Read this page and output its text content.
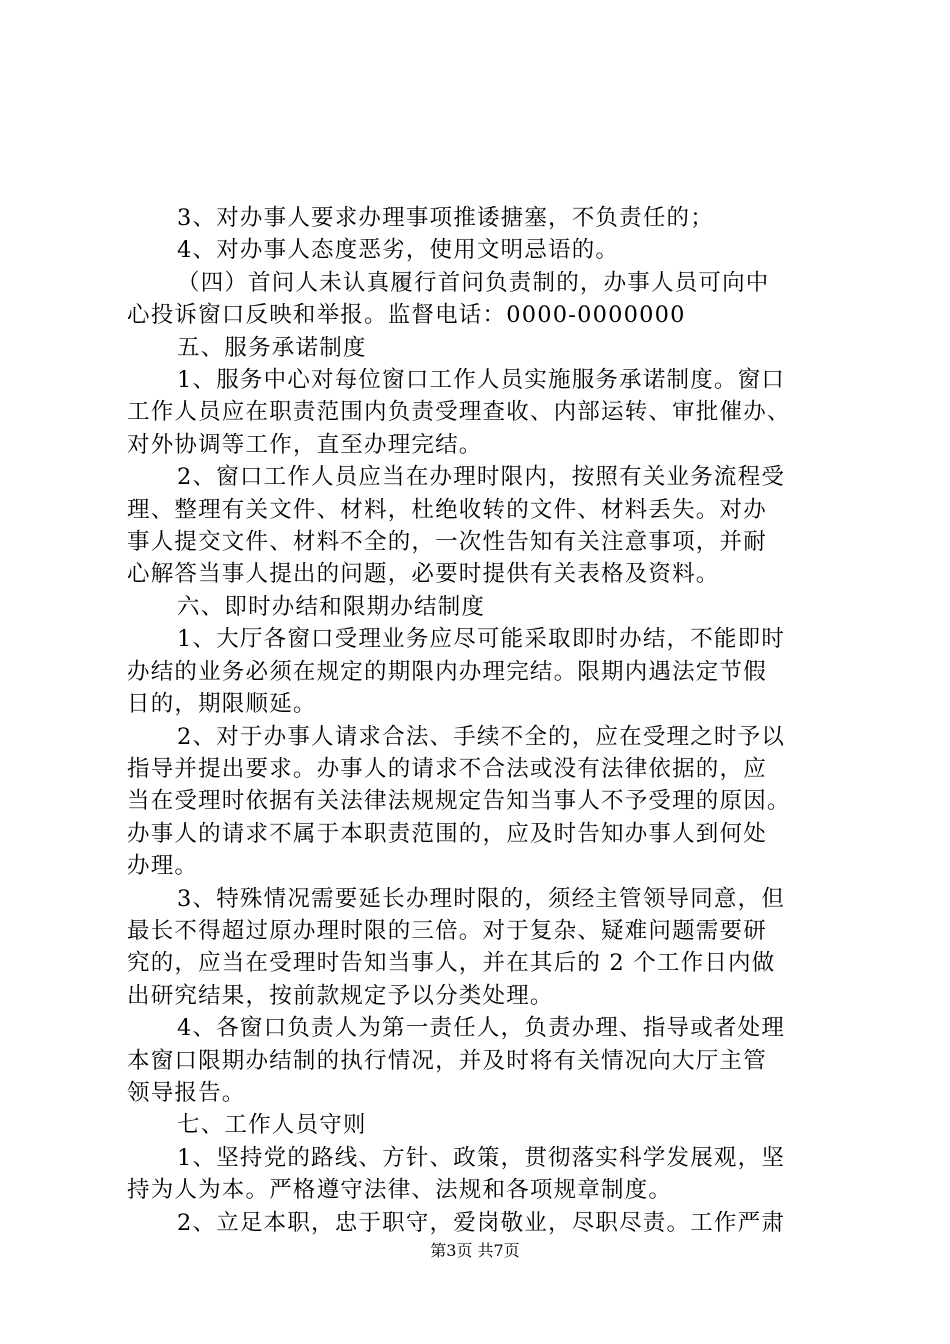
3、对办事人要求办理事项推诿搪塞，不负责任的；

4、对办事人态度恶劣，使用文明忌语的。

（四）首问人未认真履行首问负责制的，办事人员可向中

心投诉窗口反映和举报。监督电话：0000-0000000

五、服务承诺制度

1、服务中心对每位窗口工作人员实施服务承诺制度。窗口

工作人员应在职责范围内负责受理查收、内部运转、审批催办、

对外协调等工作，直至办理完结。

2、窗口工作人员应当在办理时限内，按照有关业务流程受

理、整理有关文件、材料，杜绝收转的文件、材料丢失。对办

事人提交文件、材料不全的，一次性告知有关注意事项，并耐

心解答当事人提出的问题，必要时提供有关表格及资料。

六、即时办结和限期办结制度

1、大厅各窗口受理业务应尽可能采取即时办结，不能即时

办结的业务必须在规定的期限内办理完结。限期内遇法定节假

日的，期限顺延。

2、对于办事人请求合法、手续不全的，应在受理之时予以

指导并提出要求。办事人的请求不合法或没有法律依据的，应

当在受理时依据有关法律法规规定告知当事人不予受理的原因。

办事人的请求不属于本职责范围的，应及时告知办事人到何处

办理。

3、特殊情况需要延长办理时限的，须经主管领导同意，但

最长不得超过原办理时限的三倍。对于复杂、疑难问题需要研

究的，应当在受理时告知当事人，并在其后的 2 个工作日内做

出研究结果，按前款规定予以分类处理。

4、各窗口负责人为第一责任人，负责办理、指导或者处理

本窗口限期办结制的执行情况，并及时将有关情况向大厅主管

领导报告。

七、工作人员守则

1、坚持党的路线、方针、政策，贯彻落实科学发展观，坚

持为人为本。严格遵守法律、法规和各项规章制度。

2、立足本职，忠于职守，爱岗敬业，尽职尽责。工作严肃

第3页 共7页
